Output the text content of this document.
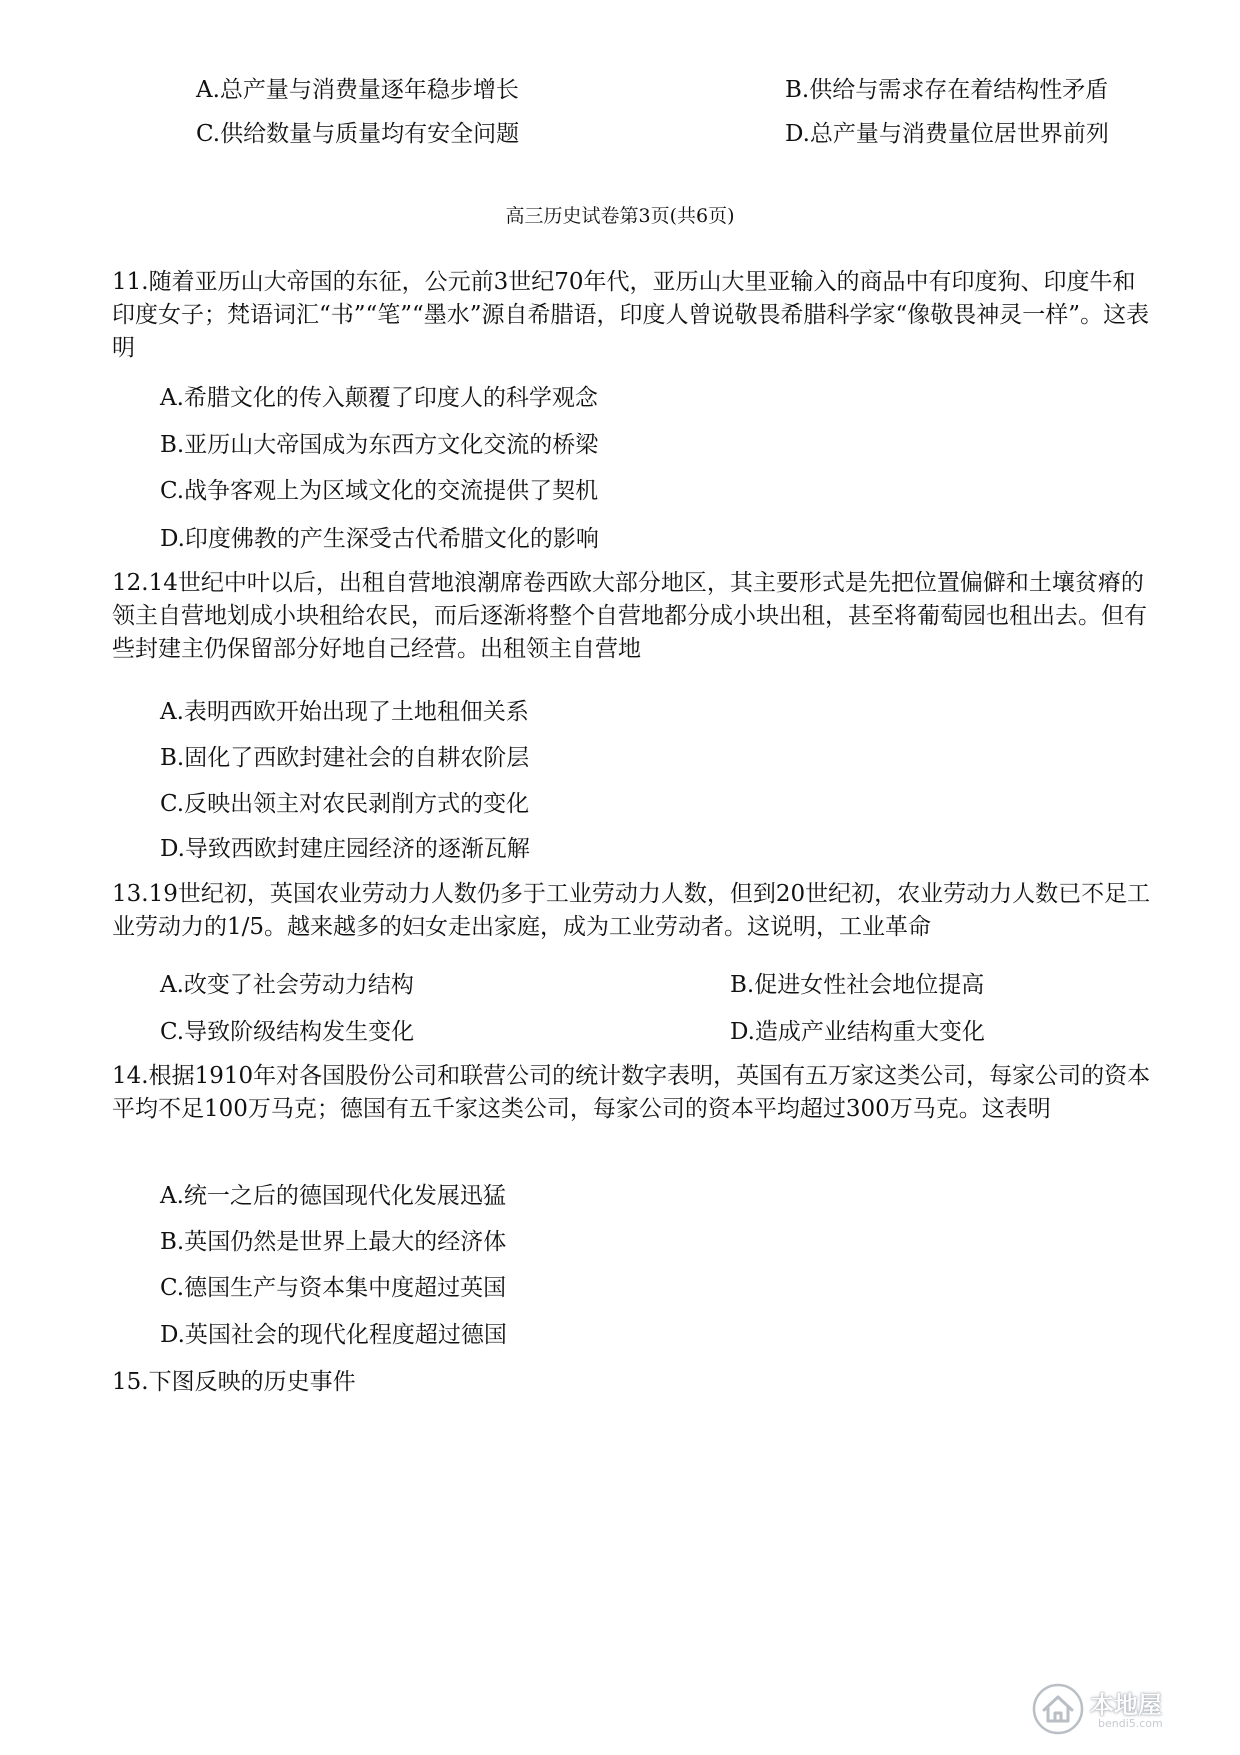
A.总产量与消费量逐年稳步增长	B.供给与需求存在着结构性矛盾
C.供给数量与质量均有安全问题	D.总产量与消费量位居世界前列
高三历史试卷第3页(共6页)
11.随着亚历山大帝国的东征，公元前3世纪70年代，亚历山大里亚输入的商品中有印度狗、印度牛和印度女子；梵语词汇“书”“笔”“墨水”源自希腊语，印度人曾说敬畏希腊科学家“像敬畏神灵一样”。这表明
A.希腊文化的传入颠覆了印度人的科学观念
B.亚历山大帝国成为东西方文化交流的桥梁
C.战争客观上为区域文化的交流提供了契机
D.印度佛教的产生深受古代希腊文化的影响
12.14世纪中叶以后，出租自营地浪潮席卷西欧大部分地区，其主要形式是先把位置偏僻和土壤贫瘠的领主自营地划成小块租给农民，而后逐渐将整个自营地都分成小块出租，甚至将葡萄园也租出去。但有些封建主仍保留部分好地自己经营。出租领主自营地
A.表明西欧开始出现了土地租佃关系
B.固化了西欧封建社会的自耕农阶层
C.反映出领主对农民剥削方式的变化
D.导致西欧封建庄园经济的逐渐瓦解
13.19世纪初，英国农业劳动力人数仍多于工业劳动力人数，但到20世纪初，农业劳动力人数已不足工业劳动力的1/5。越来越多的妇女走出家庭，成为工业劳动者。这说明，工业革命
A.改变了社会劳动力结构	B.促进女性社会地位提高
C.导致阶级结构发生变化	D.造成产业结构重大变化
14.根据1910年对各国股份公司和联营公司的统计数字表明，英国有五万家这类公司，每家公司的资本平均不足100万马克；德国有五千家这类公司，每家公司的资本平均超过300万马克。这表明
A.统一之后的德国现代化发展迅猛
B.英国仍然是世界上最大的经济体
C.德国生产与资本集中度超过英国
D.英国社会的现代化程度超过德国
15.下图反映的历史事件
本地屋
bendi5.com
